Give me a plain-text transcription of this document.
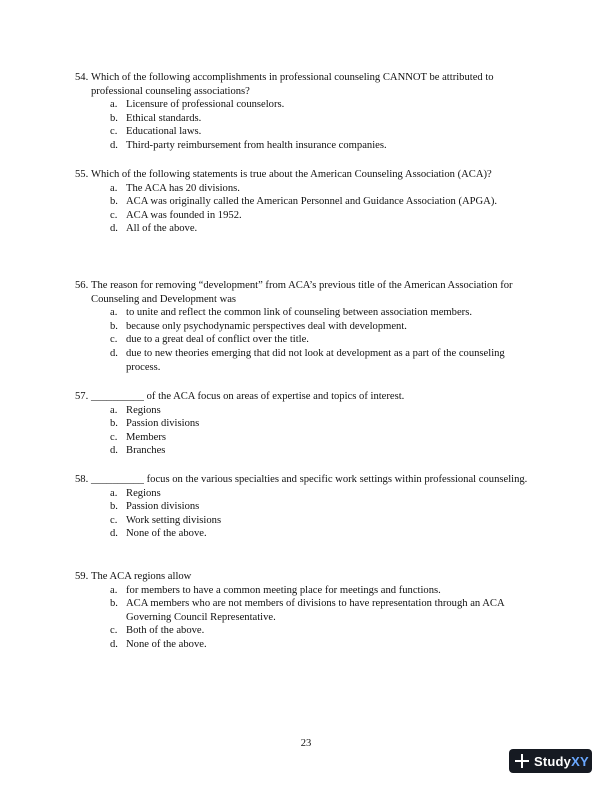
54. Which of the following accomplishments in professional counseling CANNOT be attributed to professional counseling associations?
a. Licensure of professional counselors.
b. Ethical standards.
c. Educational laws.
d. Third-party reimbursement from health insurance companies.
55. Which of the following statements is true about the American Counseling Association (ACA)?
a. The ACA has 20 divisions.
b. ACA was originally called the American Personnel and Guidance Association (APGA).
c. ACA was founded in 1952.
d. All of the above.
56. The reason for removing “development” from ACA’s previous title of the American Association for Counseling and Development was
a. to unite and reflect the common link of counseling between association members.
b. because only psychodynamic perspectives deal with development.
c. due to a great deal of conflict over the title.
d. due to new theories emerging that did not look at development as a part of the counseling process.
57. __________ of the ACA focus on areas of expertise and topics of interest.
a. Regions
b. Passion divisions
c. Members
d. Branches
58. __________ focus on the various specialties and specific work settings within professional counseling.
a. Regions
b. Passion divisions
c. Work setting divisions
d. None of the above.
59. The ACA regions allow
a. for members to have a common meeting place for meetings and functions.
b. ACA members who are not members of divisions to have representation through an ACA Governing Council Representative.
c. Both of the above.
d. None of the above.
23
StudyXY
